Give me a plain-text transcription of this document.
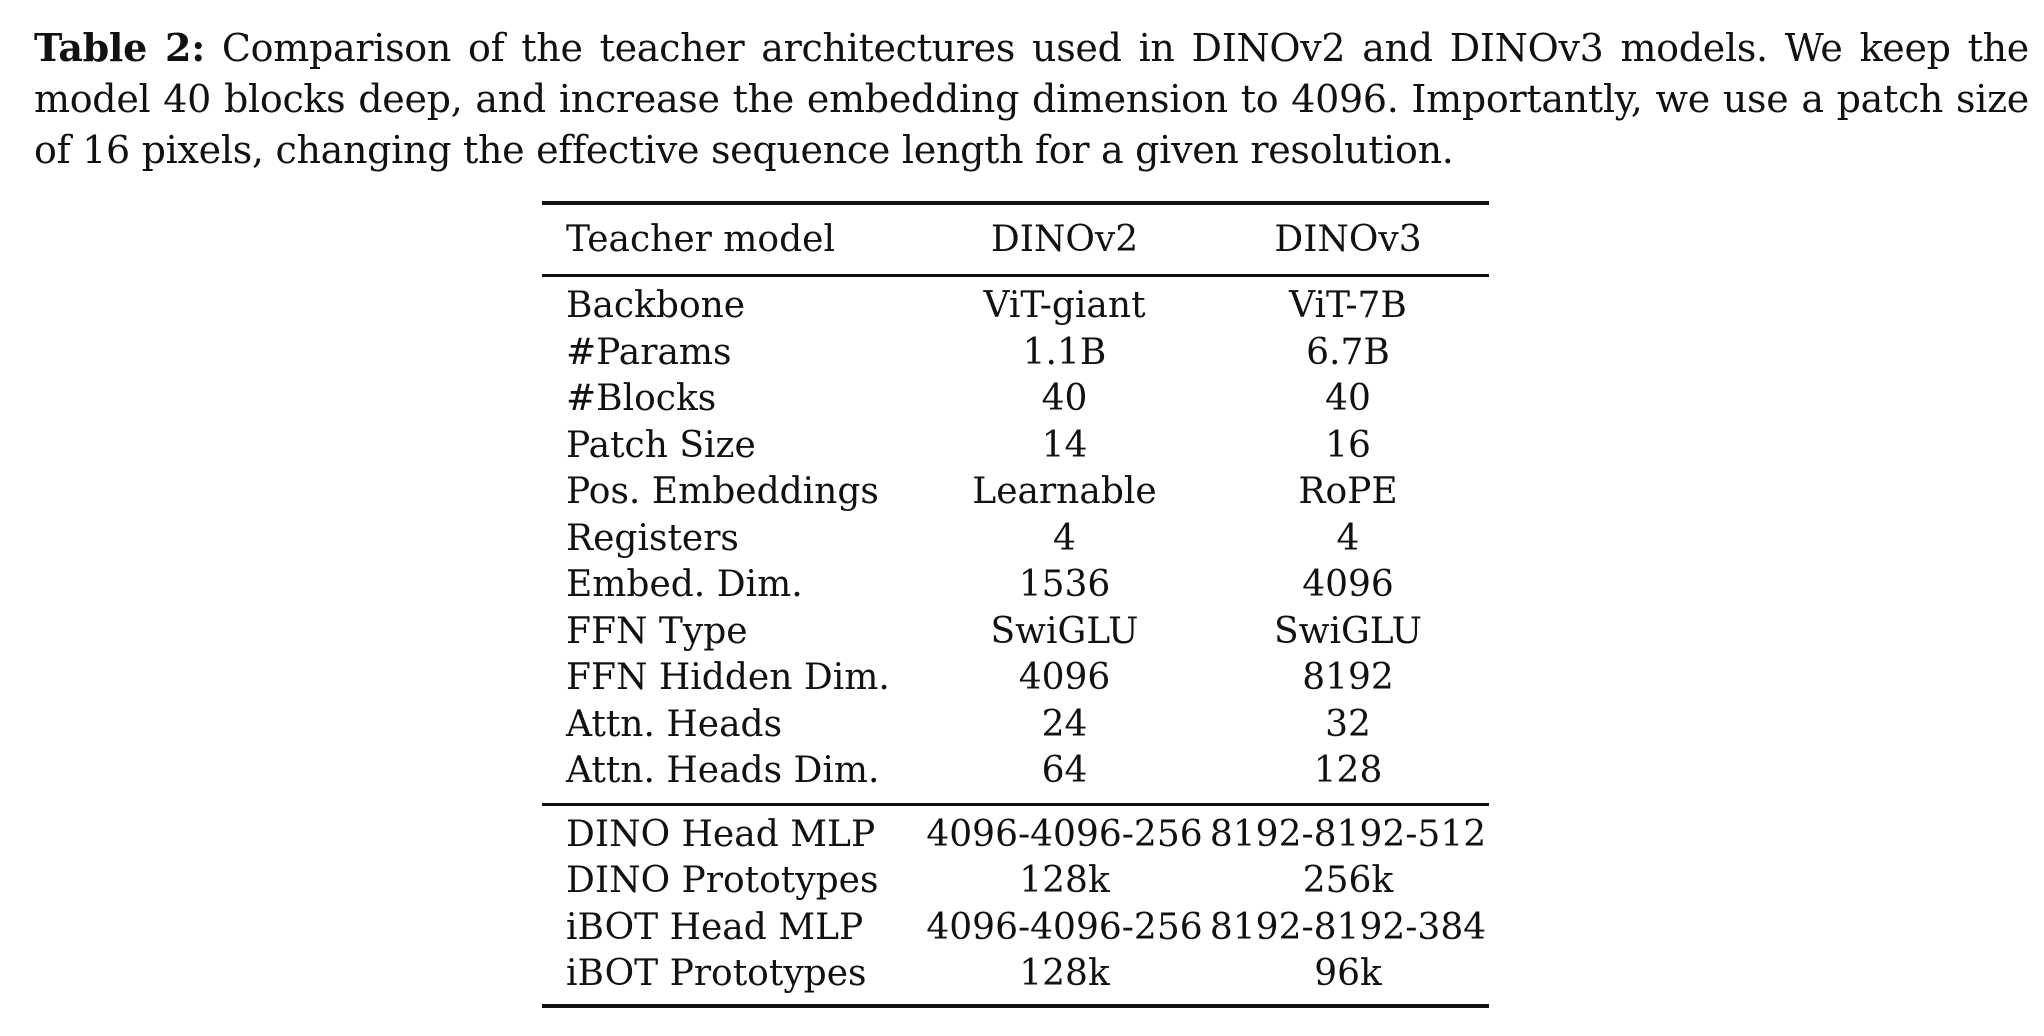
Table 2: Comparison of the teacher architectures used in DINOv2 and DINOv3 models. We keep the model 40 blocks deep, and increase the embedding dimension to 4096. Importantly, we use a patch size of 16 pixels, changing the effective sequence length for a given resolution.
Teacher model	DINOv2	DINOv3
Backbone	ViT-giant	ViT-7B
#Params	1.1B	6.7B
#Blocks	40	40
Patch Size	14	16
Pos. Embeddings	Learnable	RoPE
Registers	4	4
Embed. Dim.	1536	4096
FFN Type	SwiGLU	SwiGLU
FFN Hidden Dim.	4096	8192
Attn. Heads	24	32
Attn. Heads Dim.	64	128
DINO Head MLP	4096-4096-256	8192-8192-512
DINO Prototypes	128k	256k
iBOT Head MLP	4096-4096-256	8192-8192-384
iBOT Prototypes	128k	96k
